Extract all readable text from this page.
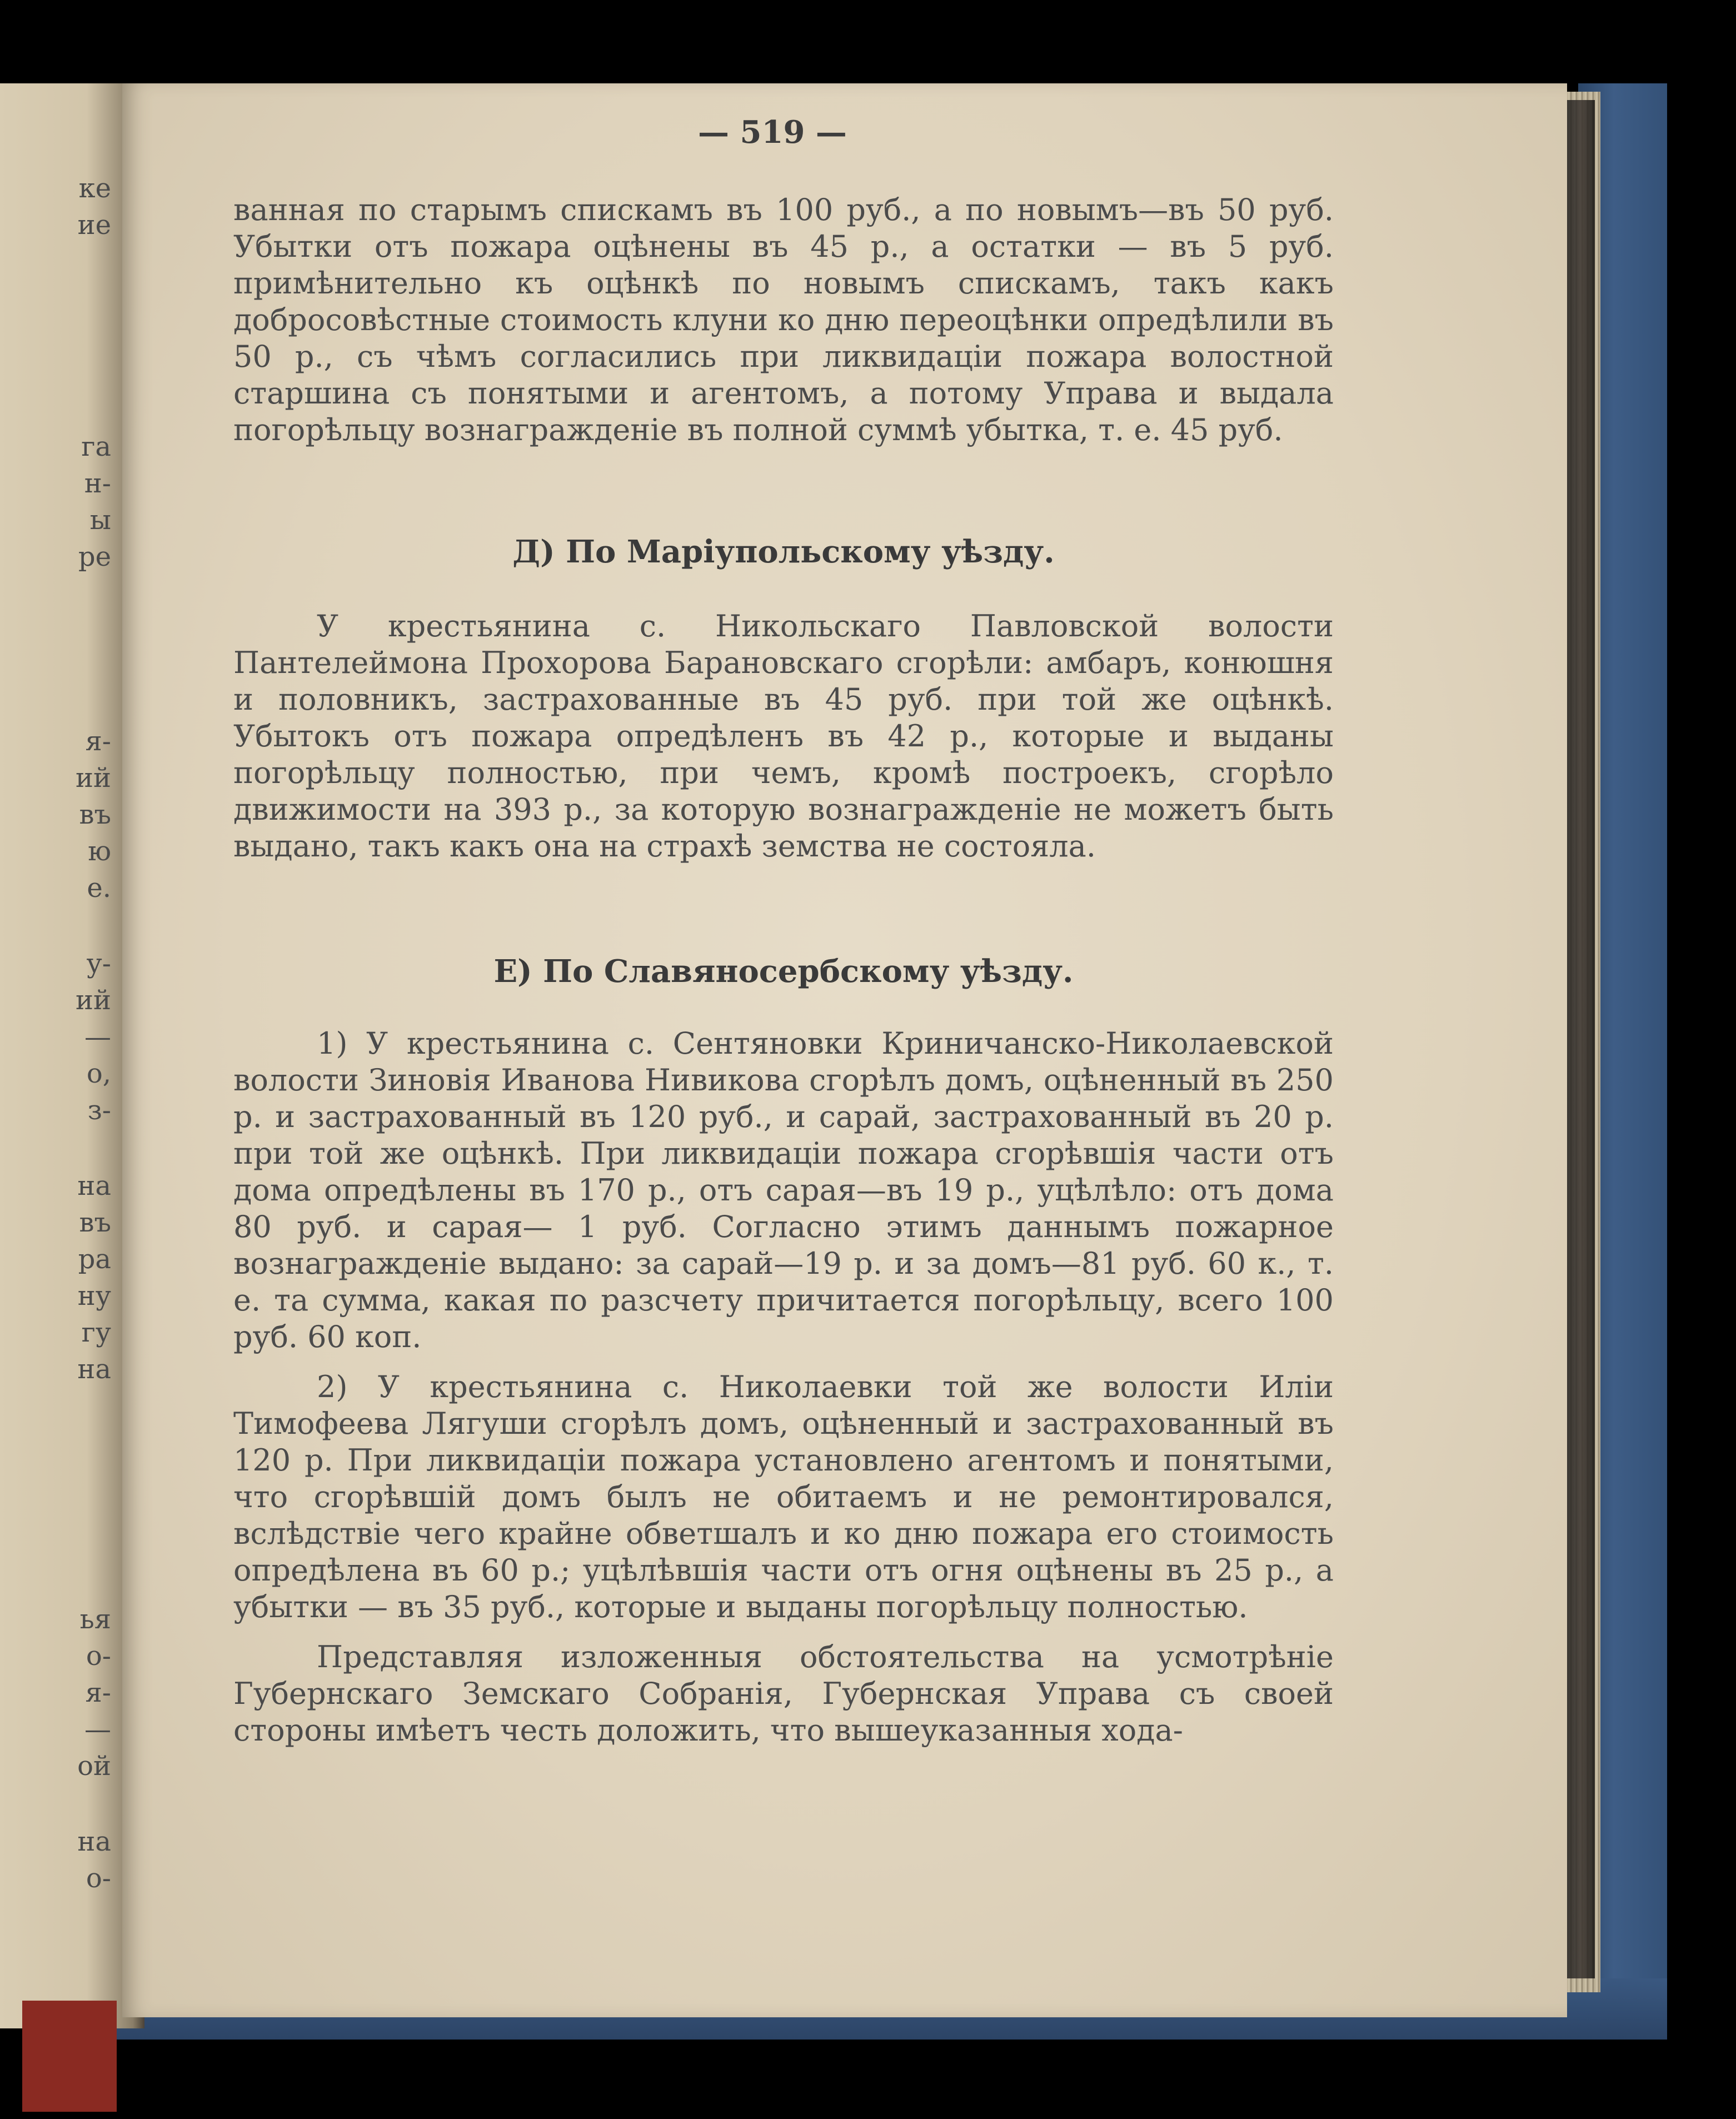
ке
ие
га
н-
ы
ре
я-
ий
въ
ю
е.
у-
ий
—
о,
з-
на
въ
ра
ну
гу
на
ья
о-
я-
—
ой
на
о-
— 519 —

ванная по старымъ спискамъ въ 100 руб., а по новымъ—въ 50 руб. Убытки отъ пожара оцѣнены въ 45 р., а остатки — въ 5 руб. примѣнительно къ оцѣнкѣ по новымъ спискамъ, такъ какъ добросовѣстные стоимость клуни ко дню переоцѣнки опредѣлили въ 50 р., съ чѣмъ согласились при ликвидаціи пожара волостной старшина съ понятыми и агентомъ, а потому Управа и выдала погорѣльцу вознагражденіе въ полной суммѣ убытка, т. е. 45 руб.

Д) По Маріупольскому уѣзду.

У крестьянина с. Никольскаго Павловской волости Пантелеймона Прохорова Барановскаго сгорѣли: амбаръ, конюшня и половникъ, застрахованные въ 45 руб. при той же оцѣнкѣ. Убытокъ отъ пожара опредѣленъ въ 42 р., которые и выданы погорѣльцу полностью, при чемъ, кромѣ построекъ, сгорѣло движимости на 393 р., за которую вознагражденіе не можетъ быть выдано, такъ какъ она на страхѣ земства не состояла.

Е) По Славяносербскому уѣзду.

1) У крестьянина с. Сентяновки Криничанско-Николаевской волости Зиновія Иванова Нивикова сгорѣлъ домъ, оцѣненный въ 250 р. и застрахованный въ 120 руб., и сарай, застрахованный въ 20 р. при той же оцѣнкѣ. При ликвидаціи пожара сгорѣвшія части отъ дома опредѣлены въ 170 р., отъ сарая—въ 19 р., уцѣлѣло: отъ дома 80 руб. и сарая— 1 руб. Согласно этимъ даннымъ пожарное вознагражденіе выдано: за сарай—19 р. и за домъ—81 руб. 60 к., т. е. та сумма, какая по разсчету причитается погорѣльцу, всего 100 руб. 60 коп.

2) У крестьянина с. Николаевки той же волости Иліи Тимофеева Лягуши сгорѣлъ домъ, оцѣненный и застрахованный въ 120 р. При ликвидаціи пожара установлено агентомъ и понятыми, что сгорѣвшій домъ былъ не обитаемъ и не ремонтировался, вслѣдствіе чего крайне обветшалъ и ко дню пожара его стоимость опредѣлена въ 60 р.; уцѣлѣвшія части отъ огня оцѣнены въ 25 р., а убытки — въ 35 руб., которые и выданы погорѣльцу полностью.

Представляя изложенныя обстоятельства на усмотрѣніе Губернскаго Земскаго Собранія, Губернская Управа съ своей стороны имѣетъ честь доложить, что вышеуказанныя хода-
